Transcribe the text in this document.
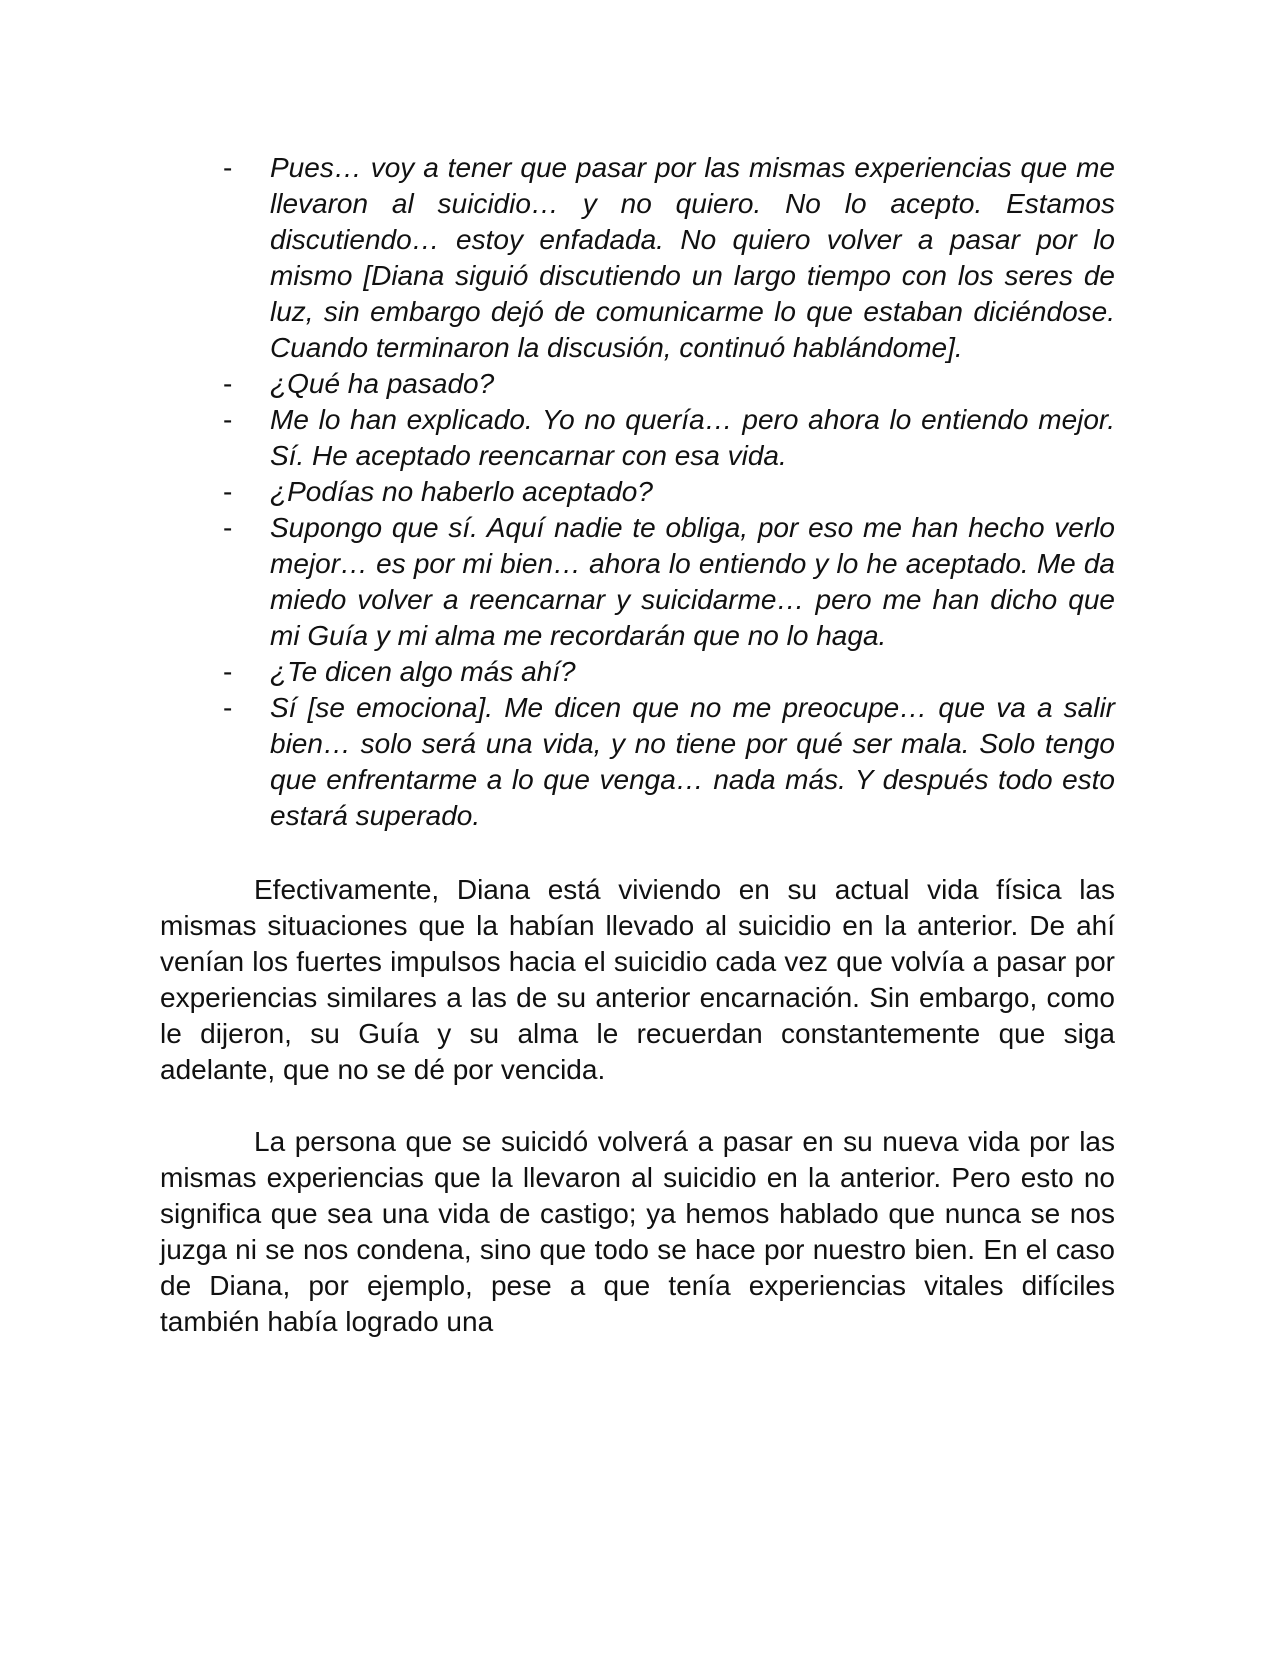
- Pues… voy a tener que pasar por las mismas experiencias que me llevaron al suicidio… y no quiero. No lo acepto. Estamos discutiendo… estoy enfadada. No quiero volver a pasar por lo mismo [Diana siguió discutiendo un largo tiempo con los seres de luz, sin embargo dejó de comunicarme lo que estaban diciéndose. Cuando terminaron la discusión, continuó hablándome].
- ¿Qué ha pasado?
- Me lo han explicado. Yo no quería… pero ahora lo entiendo mejor. Sí. He aceptado reencarnar con esa vida.
- ¿Podías no haberlo aceptado?
- Supongo que sí. Aquí nadie te obliga, por eso me han hecho verlo mejor… es por mi bien… ahora lo entiendo y lo he aceptado. Me da miedo volver a reencarnar y suicidarme… pero me han dicho que mi Guía y mi alma me recordarán que no lo haga.
- ¿Te dicen algo más ahí?
- Sí [se emociona]. Me dicen que no me preocupe… que va a salir bien… solo será una vida, y no tiene por qué ser mala. Solo tengo que enfrentarme a lo que venga… nada más. Y después todo esto estará superado.

Efectivamente, Diana está viviendo en su actual vida física las mismas situaciones que la habían llevado al suicidio en la anterior. De ahí venían los fuertes impulsos hacia el suicidio cada vez que volvía a pasar por experiencias similares a las de su anterior encarnación. Sin embargo, como le dijeron, su Guía y su alma le recuerdan constantemente que siga adelante, que no se dé por vencida.

La persona que se suicidó volverá a pasar en su nueva vida por las mismas experiencias que la llevaron al suicidio en la anterior. Pero esto no significa que sea una vida de castigo; ya hemos hablado que nunca se nos juzga ni se nos condena, sino que todo se hace por nuestro bien. En el caso de Diana, por ejemplo, pese a que tenía experiencias vitales difíciles también había logrado una
